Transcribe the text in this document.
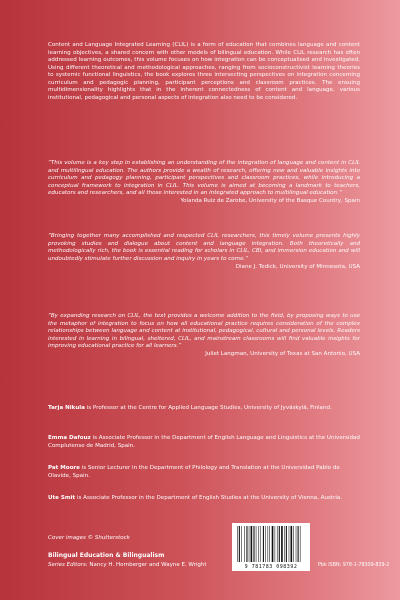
Content and Language Integrated Learning (CLIL) is a form of education that combines language and content learning objectives, a shared concern with other models of bilingual education. While CLIL research has often addressed learning outcomes, this volume focuses on how integration can be conceptualised and investigated. Using different theoretical and methodological approaches, ranging from socioconstructivist learning theories to systemic functional linguistics, the book explores three intersecting perspectives on integration concerning curriculum and pedagogic planning, participant perceptions and classroom practices. The ensuing multidimensionality highlights that in the inherent connectedness of content and language, various institutional, pedagogical and personal aspects of integration also need to be considered.

“This volume is a key step in establishing an understanding of the integration of language and content in CLIL and multilingual education. The authors provide a wealth of research, offering new and valuable insights into curriculum and pedagogy planning, participant perspectives and classroom practices, while introducing a conceptual framework to integration in CLIL. This volume is aimed at becoming a landmark to teachers, educators and researchers, and all those interested in an integrated approach to multilingual education.”
Yolanda Ruiz de Zarobe, University of the Basque Country, Spain
“Bringing together many accomplished and respected CLIL researchers, this timely volume presents highly provoking studies and dialogue about content and language integration. Both theoretically and methodologically rich, the book is essential reading for scholars in CLIL, CBI, and immersion education and will undoubtedly stimulate further discussion and inquiry in years to come.”
Diane J. Tedick, University of Minnesota, USA
“By expanding research on CLIL, the text provides a welcome addition to the field, by proposing ways to use the metaphor of integration to focus on how all educational practice requires consideration of the complex relationships between language and content at institutional, pedagogical, cultural and personal levels. Readers interested in learning in bilingual, sheltered, CLIL, and mainstream classrooms will find valuable insights for improving educational practice for all learners.”
Juliet Langman, University of Texas at San Antonio, USA

Tarja Nikula is Professor at the Centre for Applied Language Studies, University of Jyväskylä, Finland.

Emma Dafouz is Associate Professor in the Department of English Language and Linguistics at the Universidad Complutense de Madrid, Spain.

Pat Moore is Senior Lecturer in the Department of Philology and Translation at the Universidad Pablo de Olavide, Spain.

Ute Smit is Associate Professor in the Department of English Studies at the University of Vienna, Austria.

Cover images © Shutterstock
Bilingual Education & Bilingualism
Series Editors: Nancy H. Hornberger and Wayne E. Wright	9 781783 098392	Pbk ISBN: 978-1-78309-839-2
